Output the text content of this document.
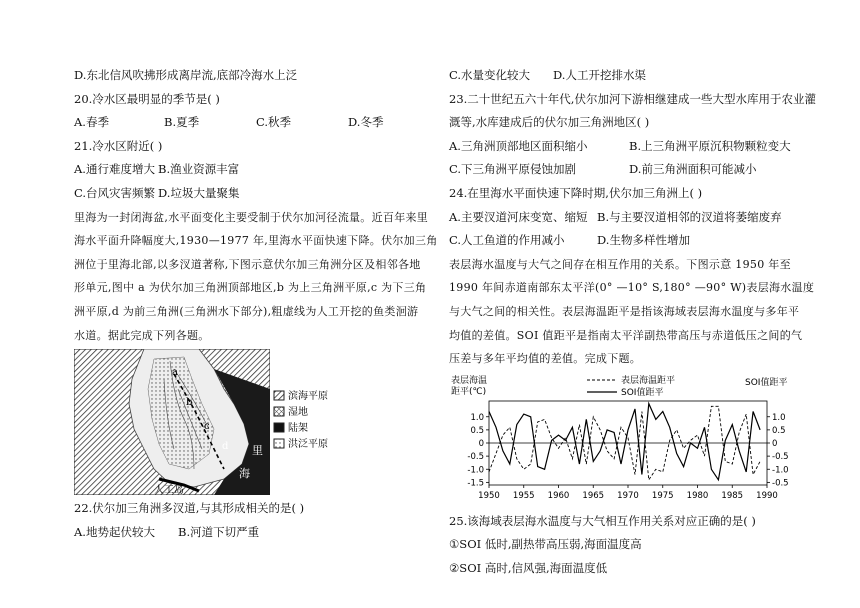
D.东北信风吹拂形成离岸流,底部冷海水上泛
20.冷水区最明显的季节是( )
A.春季	B.夏季	C.秋季	D.冬季
21.冷水区附近( )
A.通行难度增大 B.渔业资源丰富
C.台风灾害频繁 D.垃圾大量聚集
里海为一封闭海盆,水平面变化主要受制于伏尔加河径流量。近百年来里
海水平面升降幅度大,1930—1977 年,里海水平面快速下降。伏尔加三角
洲位于里海北部,以多汊道著称,下图示意伏尔加三角洲分区及相邻各地
形单元,图中 a 为伏尔加三角洲顶部地区,b 为上三角洲平原,c 为下三角
洲平原,d 为前三角洲(三角洲水下部分),粗虚线为人工开挖的鱼类洄游
水道。据此完成下列各题。
a
b
c
d 里
海
人工岛
滨海平原
湿地
陆架
洪泛平原
22.伏尔加三角洲多汊道,与其形成相关的是( )
A.地势起伏较大	B.河道下切严重
C.水量变化较大	D.人工开挖排水渠
23.二十世纪五六十年代,伏尔加河下游相继建成一些大型水库用于农业灌
溉等,水库建成后的伏尔加三角洲地区( )
A.三角洲顶部地区面积缩小	B.上三角洲平原沉积物颗粒变大
C.下三角洲平原侵蚀加剧	D.前三角洲面积可能减小
24.在里海水平面快速下降时期,伏尔加三角洲上( )
A.主要汊道河床变宽、缩短 B.与主要汊道相邻的汊道将萎缩废弃
C.人工鱼道的作用减小	D.生物多样性增加
表层海水温度与大气之间存在相互作用的关系。下图示意 1950 年至
1990 年间赤道南部东太平洋(0° —10° S,180° —90° W)表层海水温度
与大气之间的相关性。表层海温距平是指该海域表层海水温度与多年平
均值的差值。SOI 值距平是指南太平洋副热带高压与赤道低压之间的气
压差与多年平均值的差值。完成下题。
表层海温
距平(℃)
SOI值距平
表层海温距平
SOI值距平
1.0
0.5
0
-0.5
-1.0
-1.5
1.0
0.5
0
-0.5
-1.0
-0.5
1950 1955 1960 1965 1970 1975 1980 1985 1990
25.该海域表层海水温度与大气相互作用关系对应正确的是( )
①SOI 低时,副热带高压弱,海面温度高
②SOI 高时,信风强,海面温度低
